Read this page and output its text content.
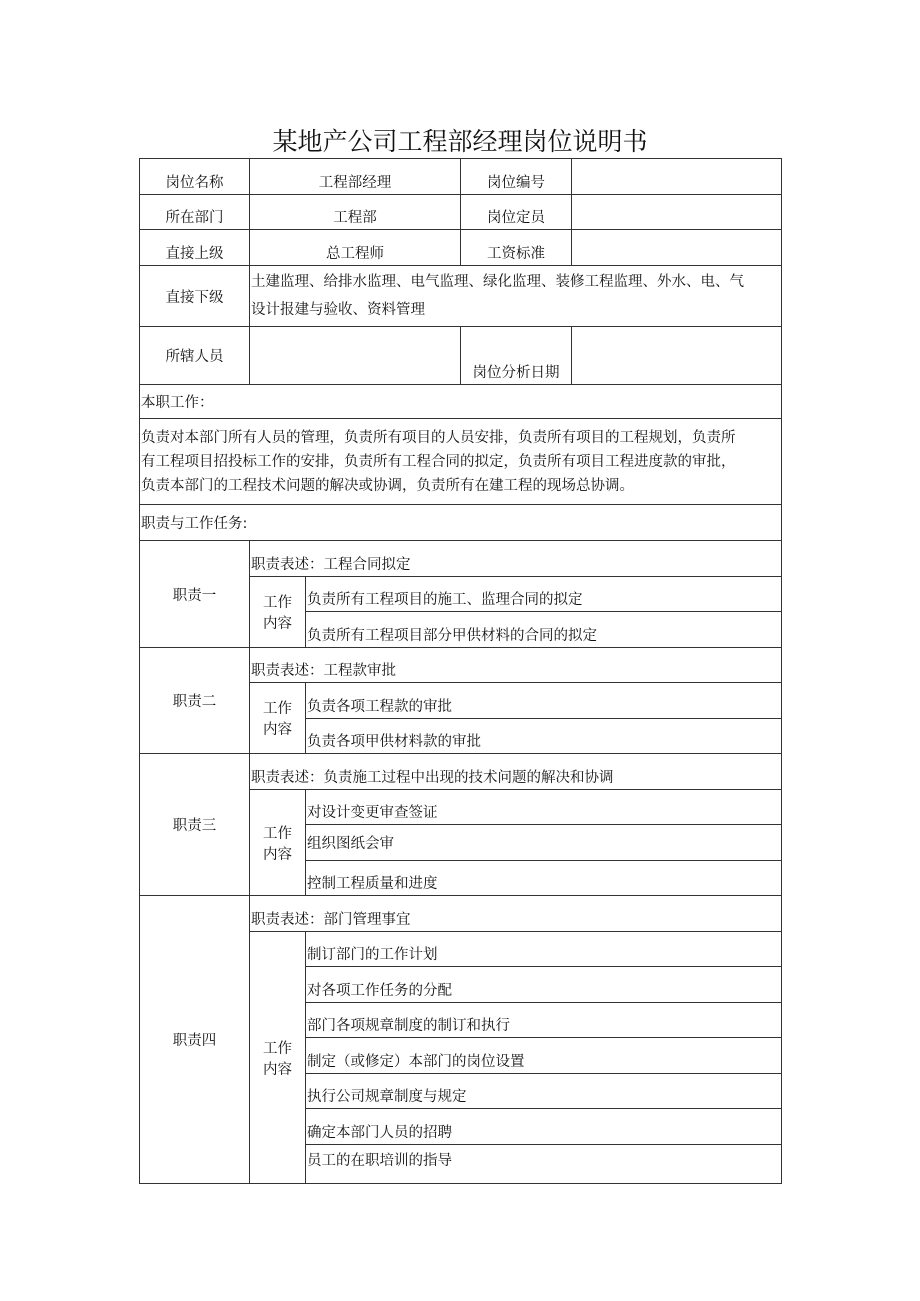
某地产公司工程部经理岗位说明书
岗位名称	工程部经理		岗位编号	
所在部门	工程部		岗位定员	
直接上级	总工程师		工资标准	
直接下级	土建监理、给排水监理、电气监理、绿化监理、装修工程监理、外水、电、气
设计报建与验收、资料管理			

所辖人员			岗位分析日期	
本职工作：				

负责对本部门所有人员的管理，负责所有项目的人员安排，负责所有项目的工程规划，负责所
有工程项目招投标工作的安排，负责所有工程合同的拟定，负责所有项目工程进度款的审批，
负责本部门的工程技术问题的解决或协调，负责所有在建工程的现场总协调。				

职责与工作任务:				
职责一	职责表述：工程合同拟定			

	工作
内容	负责所有工程项目的施工、监理合同的拟定		
		负责所有工程项目部分甲供材料的合同的拟定		
职责二	职责表述：工程款审批			

	工作
内容	负责各项工程款的审批		
		负责各项甲供材料款的审批		
职责三	职责表述：负责施工过程中出现的技术问题的解决和协调			

	工作
内容	对设计变更审查签证		
		组织图纸会审		
		控制工程质量和进度		
职责四	职责表述：部门管理事宜			

	工作
内容	制订部门的工作计划		
		对各项工作任务的分配		
		部门各项规章制度的制订和执行		
		制定（或修定）本部门的岗位设置		
		执行公司规章制度与规定		
		确定本部门人员的招聘		
		员工的在职培训的指导		
